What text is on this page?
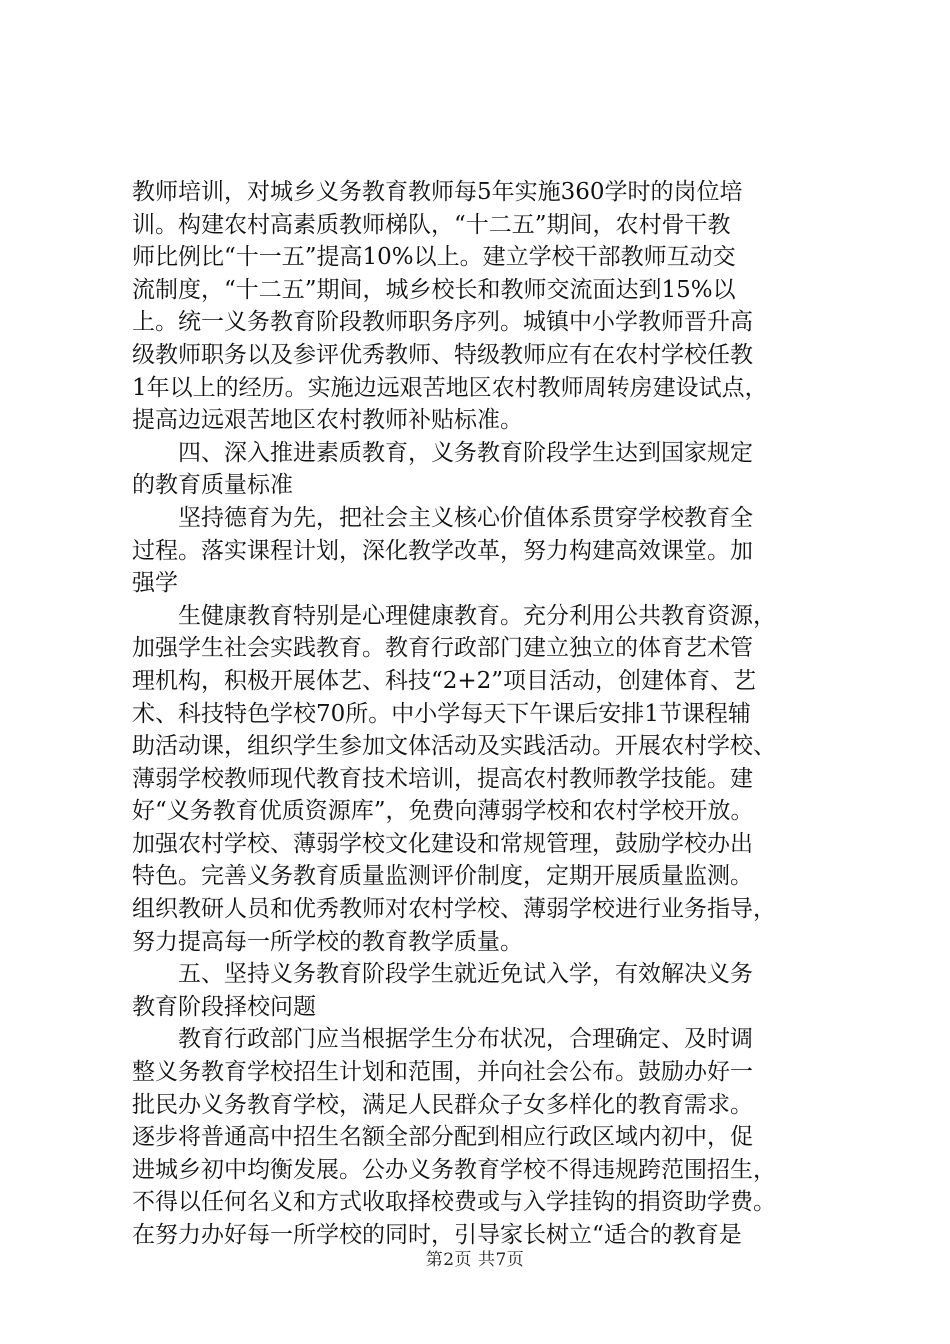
教师培训，对城乡义务教育教师每5年实施360学时的岗位培
训。构建农村高素质教师梯队，“十二五”期间，农村骨干教
师比例比“十一五”提高10%以上。建立学校干部教师互动交
流制度，“十二五”期间，城乡校长和教师交流面达到15%以
上。统一义务教育阶段教师职务序列。城镇中小学教师晋升高
级教师职务以及参评优秀教师、特级教师应有在农村学校任教
1年以上的经历。实施边远艰苦地区农村教师周转房建设试点，
提高边远艰苦地区农村教师补贴标准。
　　四、深入推进素质教育，义务教育阶段学生达到国家规定
的教育质量标准
　　坚持德育为先，把社会主义核心价值体系贯穿学校教育全
过程。落实课程计划，深化教学改革，努力构建高效课堂。加
强学
　　生健康教育特别是心理健康教育。充分利用公共教育资源，
加强学生社会实践教育。教育行政部门建立独立的体育艺术管
理机构，积极开展体艺、科技“2+2”项目活动，创建体育、艺
术、科技特色学校70所。中小学每天下午课后安排1节课程辅
助活动课，组织学生参加文体活动及实践活动。开展农村学校、
薄弱学校教师现代教育技术培训，提高农村教师教学技能。建
好“义务教育优质资源库”，免费向薄弱学校和农村学校开放。
加强农村学校、薄弱学校文化建设和常规管理，鼓励学校办出
特色。完善义务教育质量监测评价制度，定期开展质量监测。
组织教研人员和优秀教师对农村学校、薄弱学校进行业务指导，
努力提高每一所学校的教育教学质量。
　　五、坚持义务教育阶段学生就近免试入学，有效解决义务
教育阶段择校问题
　　教育行政部门应当根据学生分布状况，合理确定、及时调
整义务教育学校招生计划和范围，并向社会公布。鼓励办好一
批民办义务教育学校，满足人民群众子女多样化的教育需求。
逐步将普通高中招生名额全部分配到相应行政区域内初中，促
进城乡初中均衡发展。公办义务教育学校不得违规跨范围招生，
不得以任何名义和方式收取择校费或与入学挂钩的捐资助学费。
在努力办好每一所学校的同时，引导家长树立“适合的教育是
第2页 共7页
